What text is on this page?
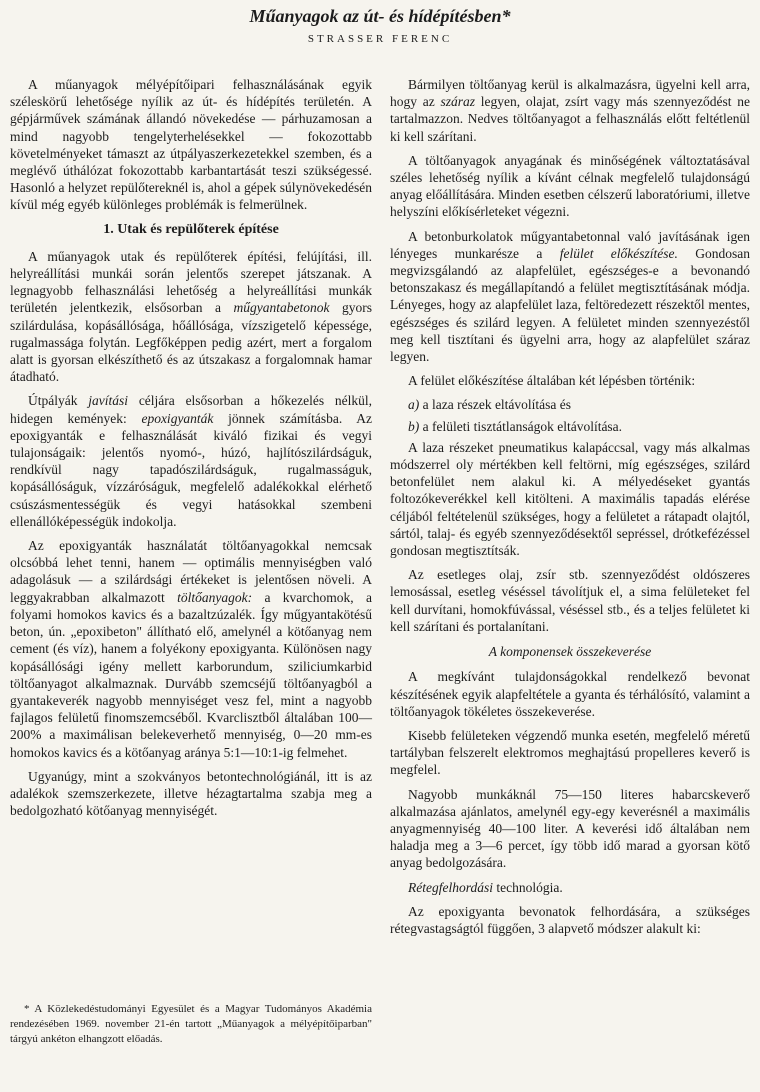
Műanyagok az út- és hídépítésben*
STRASSER FERENC

A műanyagok mélyépítőipari felhasználásának egyik széleskörű lehetősége nyílik az út- és hídépítés területén. A gépjárművek számának állandó növekedése — párhuzamosan a mind nagyobb tengelyterhelésekkel — fokozottabb követelményeket támaszt az útpályaszerkezetekkel szemben, és a meglévő úthálózat fokozottabb karbantartását teszi szükségessé. Hasonló a helyzet repülőtereknél is, ahol a gépek súlynövekedésén kívül még egyéb különleges problémák is felmerülnek.

1. Utak és repülőterek építése

A műanyagok utak és repülőterek építési, felújítási, ill. helyreállítási munkái során jelentős szerepet játszanak. A legnagyobb felhasználási lehetőség a helyreállítási munkák területén jelentkezik, elsősorban a műgyantabetonok gyors szilárdulása, kopásállósága, hőállósága, vízszigetelő képessége, rugalmassága folytán. Legfőképpen pedig azért, mert a forgalom alatt is gyorsan elkészíthető és az útszakasz a forgalomnak hamar átadható.

Útpályák javítási céljára elsősorban a hőkezelés nélkül, hidegen kemények: epoxigyanták jönnek számításba. Az epoxigyanták e felhasználását kiváló fizikai és vegyi tulajonságaik: jelentős nyomó-, húzó, hajlítószilárdságuk, rendkívül nagy tapadószilárdságuk, rugalmasságuk, kopásállóságuk, vízzáróságuk, megfelelő adalékokkal elérhető csúszásmentességük és vegyi hatásokkal szembeni ellenállóképességük indokolja.

Az epoxigyanták használatát töltőanyagokkal nemcsak olcsóbbá lehet tenni, hanem — optimális mennyiségben való adagolásuk — a szilárdsági értékeket is jelentősen növeli. A leggyakrabban alkalmazott töltőanyagok: a kvarchomok, a folyami homokos kavics és a bazaltzúzalék. Így műgyantakötésű beton, ún. „epoxibeton" állítható elő, amelynél a kötőanyag nem cement (és víz), hanem a folyékony epoxigyanta. Különösen nagy kopásállósági igény mellett karborundum, sziliciumkarbid töltőanyagot alkalmaznak. Durvább szemcséjű töltőanyagból a gyantakeverék nagyobb mennyiséget vesz fel, mint a nagyobb fajlagos felületű finomszemcséből. Kvarclisztből általában 100—200% a maximálisan belekeverhető mennyiség, 0—20 mm-es homokos kavics és a kötőanyag aránya 5:1—10:1-ig felmehet.

Ugyanúgy, mint a szokványos betontechnológiánál, itt is az adalékok szemszerkezete, illetve hézagtartalma szabja meg a bedolgozható kötőanyag mennyiségét.

* A Közlekedéstudományi Egyesület és a Magyar Tudományos Akadémia rendezésében 1969. november 21-én tartott „Műanyagok a mélyépítőiparban" tárgyú ankéton elhangzott előadás.

Bármilyen töltőanyag kerül is alkalmazásra, ügyelni kell arra, hogy az száraz legyen, olajat, zsírt vagy más szennyeződést ne tartalmazzon. Nedves töltőanyagot a felhasználás előtt feltétlenül ki kell szárítani.

A töltőanyagok anyagának és minőségének változtatásával széles lehetőség nyílik a kívánt célnak megfelelő tulajdonságú anyag előállítására. Minden esetben célszerű laboratóriumi, illetve helyszíni előkísérleteket végezni.

A betonburkolatok műgyantabetonnal való javításának igen lényeges munkarésze a felület előkészítése. Gondosan megvizsgálandó az alapfelület, egészséges-e a bevonandó betonszakasz és megállapítandó a felület megtisztításának módja. Lényeges, hogy az alapfelület laza, feltöredezett részektől mentes, egészséges és szilárd legyen. A felületet minden szennyezéstől meg kell tisztítani és ügyelni arra, hogy az alapfelület száraz legyen.

A felület előkészítése általában két lépésben történik:

a) a laza részek eltávolítása és

b) a felületi tisztátlanságok eltávolítása.

A laza részeket pneumatikus kalapáccsal, vagy más alkalmas módszerrel oly mértékben kell feltörni, míg egészséges, szilárd betonfelület nem alakul ki. A mélyedéseket gyantás foltozókeverékkel kell kitölteni. A maximális tapadás elérése céljából feltételenül szükséges, hogy a felületet a rátapadt olajtól, sártól, talaj- és egyéb szennyeződésektől sepréssel, drótkefézéssel gondosan megtisztítsák.

Az esetleges olaj, zsír stb. szennyeződést oldószeres lemosással, esetleg véséssel távolítjuk el, a sima felületeket fel kell durvítani, homokfúvással, véséssel stb., és a teljes felületet ki kell szárítani és portalanítani.

A komponensek összekeverése

A megkívánt tulajdonságokkal rendelkező bevonat készítésének egyik alapfeltétele a gyanta és térhálósító, valamint a töltőanyagok tökéletes összekeverése.

Kisebb felületeken végzendő munka esetén, megfelelő méretű tartályban felszerelt elektromos meghajtású propelleres keverő is megfelel.

Nagyobb munkáknál 75—150 literes habarcskeverő alkalmazása ajánlatos, amelynél egy-egy keverésnél a maximális anyagmennyiség 40—100 liter. A keverési idő általában nem haladja meg a 3—6 percet, így több idő marad a gyorsan kötő anyag bedolgozására.

Rétegfelhordási technológia.

Az epoxigyanta bevonatok felhordására, a szükséges rétegvastagságtól függően, 3 alapvető módszer alakult ki:
